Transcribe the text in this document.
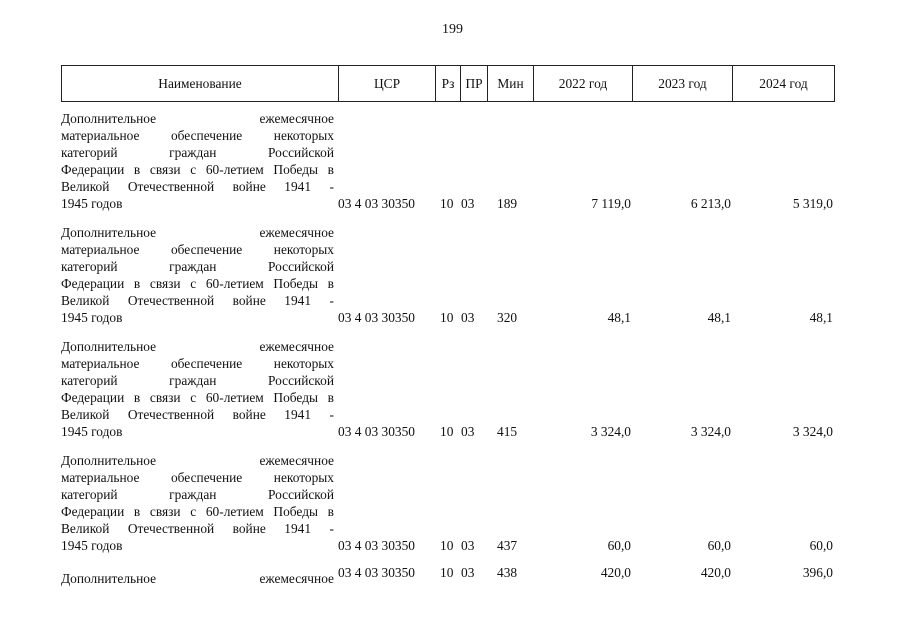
199
Наименование	ЦСР	Рз ПР	Мин	2022 год	2023 год	2024 год
Дополнительное ежемесячное
материальное обеспечение некоторых
категорий граждан Российской
Федерации в связи с 60-летием Победы в
Великой Отечественной войне 1941 -
1945 годов	03 4 03 30350 10 03 189	7 119,0	6 213,0	5 319,0
Дополнительное ежемесячное
материальное обеспечение некоторых
категорий граждан Российской
Федерации в связи с 60-летием Победы в
Великой Отечественной войне 1941 -
1945 годов	03 4 03 30350 10 03 320	48,1	48,1	48,1
Дополнительное ежемесячное
материальное обеспечение некоторых
категорий граждан Российской
Федерации в связи с 60-летием Победы в
Великой Отечественной войне 1941 -
1945 годов	03 4 03 30350 10 03 415	3 324,0	3 324,0	3 324,0
Дополнительное ежемесячное
материальное обеспечение некоторых
категорий граждан Российской
Федерации в связи с 60-летием Победы в
Великой Отечественной войне 1941 -
1945 годов	03 4 03 30350 10 03 437	60,0	60,0	60,0
Дополнительное ежемесячное 03 4 03 30350 10 03 438	420,0	420,0	396,0
